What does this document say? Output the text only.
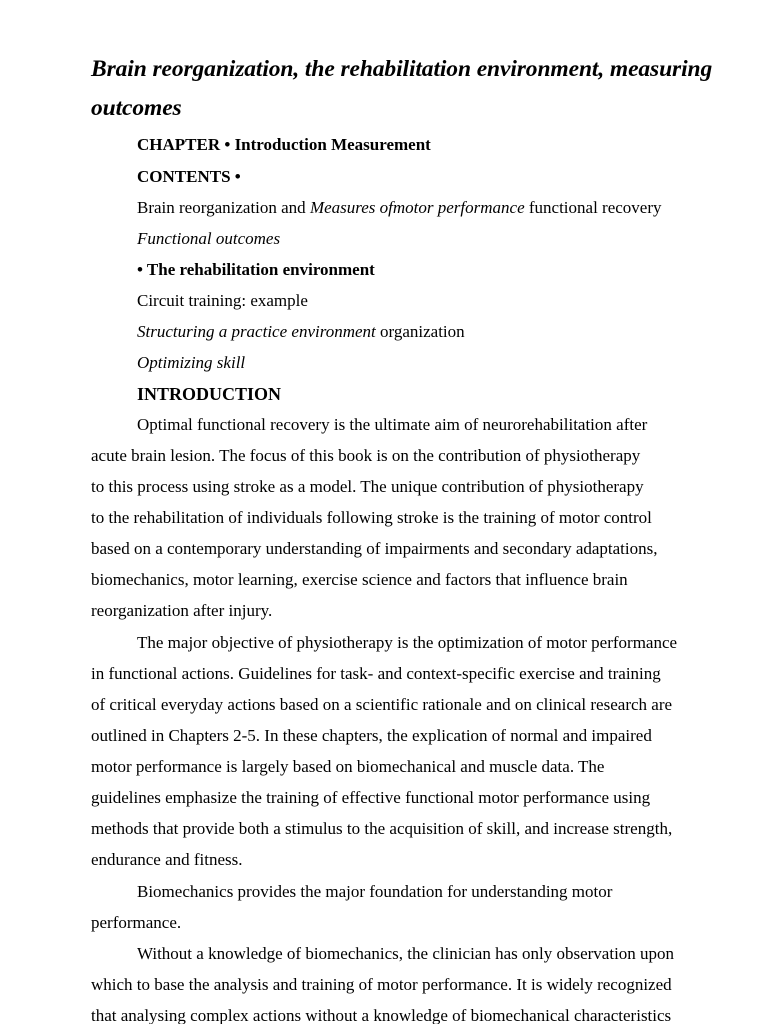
Brain reorganization, the rehabilitation environment, measuring outcomes

CHAPTER • Introduction Measurement

CONTENTS •

Brain reorganization and Measures ofmotor performance functional recovery

Functional outcomes

• The rehabilitation environment

Circuit training: example

Structuring a practice environment organization

Optimizing skill

INTRODUCTION

Optimal functional recovery is the ultimate aim of neurorehabilitation after

acute brain lesion. The focus of this book is on the contribution of physiotherapy

to this process using stroke as a model. The unique contribution of physiotherapy

to the rehabilitation of individuals following stroke is the training of motor control

based on a contemporary understanding of impairments and secondary adaptations,

biomechanics, motor learning, exercise science and factors that influence brain

reorganization after injury.

The major objective of physiotherapy is the optimization of motor performance

in functional actions. Guidelines for task- and context-specific exercise and training

of critical everyday actions based on a scientific rationale and on clinical research are

outlined in Chapters 2-5. In these chapters, the explication of normal and impaired

motor performance is largely based on biomechanical and muscle data. The

guidelines emphasize the training of effective functional motor performance using

methods that provide both a stimulus to the acquisition of skill, and increase strength,

endurance and fitness.

Biomechanics provides the major foundation for understanding motor

performance.

Without a knowledge of biomechanics, the clinician has only observation upon

which to base the analysis and training of motor performance. It is widely recognized

that analysing complex actions without a knowledge of biomechanical characteristics
